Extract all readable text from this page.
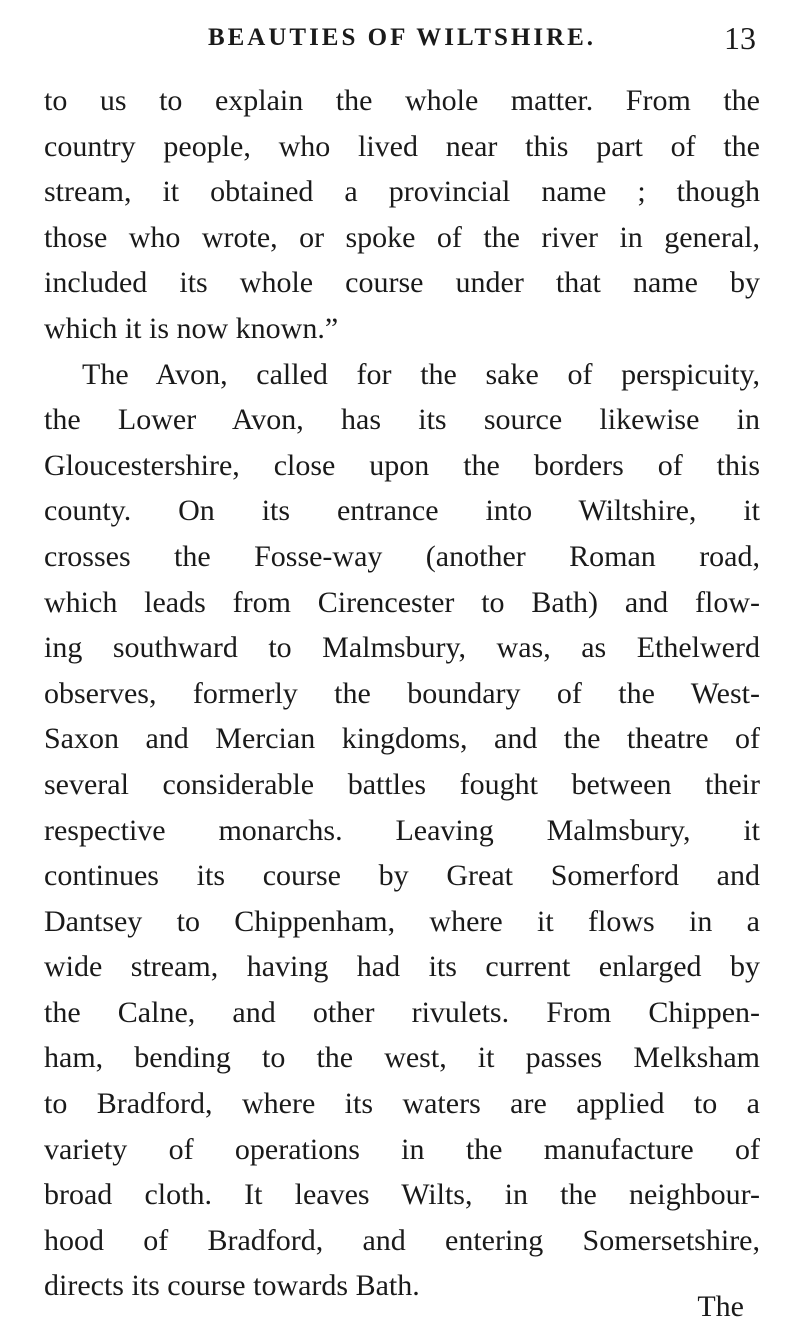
BEAUTIES OF WILTSHIRE.	13
to us to explain the whole matter. From the
country people, who lived near this part of the
stream, it obtained a provincial name ; though
those who wrote, or spoke of the river in general,
included its whole course under that name by
which it is now known.”
The Avon, called for the sake of perspicuity,
the Lower Avon, has its source likewise in
Gloucestershire, close upon the borders of this
county. On its entrance into Wiltshire, it
crosses the Fosse-way (another Roman road,
which leads from Cirencester to Bath) and flow-
ing southward to Malmsbury, was, as Ethelwerd
observes, formerly the boundary of the West-
Saxon and Mercian kingdoms, and the theatre of
several considerable battles fought between their
respective monarchs. Leaving Malmsbury, it
continues its course by Great Somerford and
Dantsey to Chippenham, where it flows in a
wide stream, having had its current enlarged by
the Calne, and other rivulets. From Chippen-
ham, bending to the west, it passes Melksham
to Bradford, where its waters are applied to a
variety of operations in the manufacture of
broad cloth. It leaves Wilts, in the neighbour-
hood of Bradford, and entering Somersetshire,
directs its course towards Bath.
The
